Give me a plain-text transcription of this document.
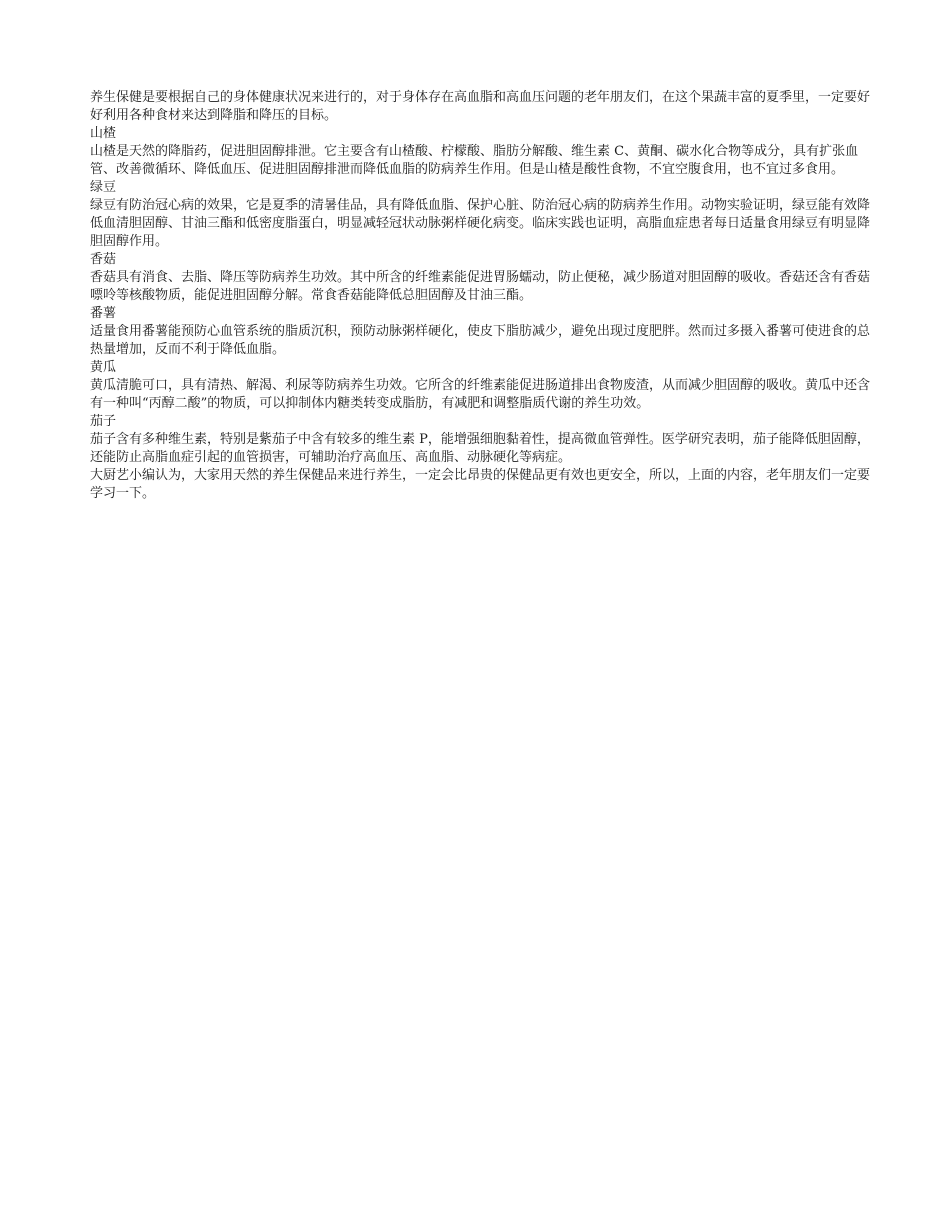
养生保健是要根据自己的身体健康状况来进行的，对于身体存在高血脂和高血压问题的老年朋友们，在这个果蔬丰富的夏季里，一定要好好利用各种食材来达到降脂和降压的目标。

山楂

山楂是天然的降脂药，促进胆固醇排泄。它主要含有山楂酸、柠檬酸、脂肪分解酸、维生素 C、黄酮、碳水化合物等成分，具有扩张血管、改善微循环、降低血压、促进胆固醇排泄而降低血脂的防病养生作用。但是山楂是酸性食物，不宜空腹食用，也不宜过多食用。

绿豆

绿豆有防治冠心病的效果，它是夏季的清暑佳品，具有降低血脂、保护心脏、防治冠心病的防病养生作用。动物实验证明，绿豆能有效降低血清胆固醇、甘油三酯和低密度脂蛋白，明显减轻冠状动脉粥样硬化病变。临床实践也证明，高脂血症患者每日适量食用绿豆有明显降胆固醇作用。

香菇

香菇具有消食、去脂、降压等防病养生功效。其中所含的纤维素能促进胃肠蠕动，防止便秘，减少肠道对胆固醇的吸收。香菇还含有香菇嘌呤等核酸物质，能促进胆固醇分解。常食香菇能降低总胆固醇及甘油三酯。

番薯

适量食用番薯能预防心血管系统的脂质沉积，预防动脉粥样硬化，使皮下脂肪减少，避免出现过度肥胖。然而过多摄入番薯可使进食的总热量增加，反而不利于降低血脂。

黄瓜

黄瓜清脆可口，具有清热、解渴、利尿等防病养生功效。它所含的纤维素能促进肠道排出食物废渣，从而减少胆固醇的吸收。黄瓜中还含有一种叫“丙醇二酸”的物质，可以抑制体内糖类转变成脂肪，有减肥和调整脂质代谢的养生功效。

茄子

茄子含有多种维生素，特别是紫茄子中含有较多的维生素 P，能增强细胞黏着性，提高微血管弹性。医学研究表明，茄子能降低胆固醇，还能防止高脂血症引起的血管损害，可辅助治疗高血压、高血脂、动脉硬化等病症。

大厨艺小编认为，大家用天然的养生保健品来进行养生，一定会比昂贵的保健品更有效也更安全，所以，上面的内容，老年朋友们一定要学习一下。
